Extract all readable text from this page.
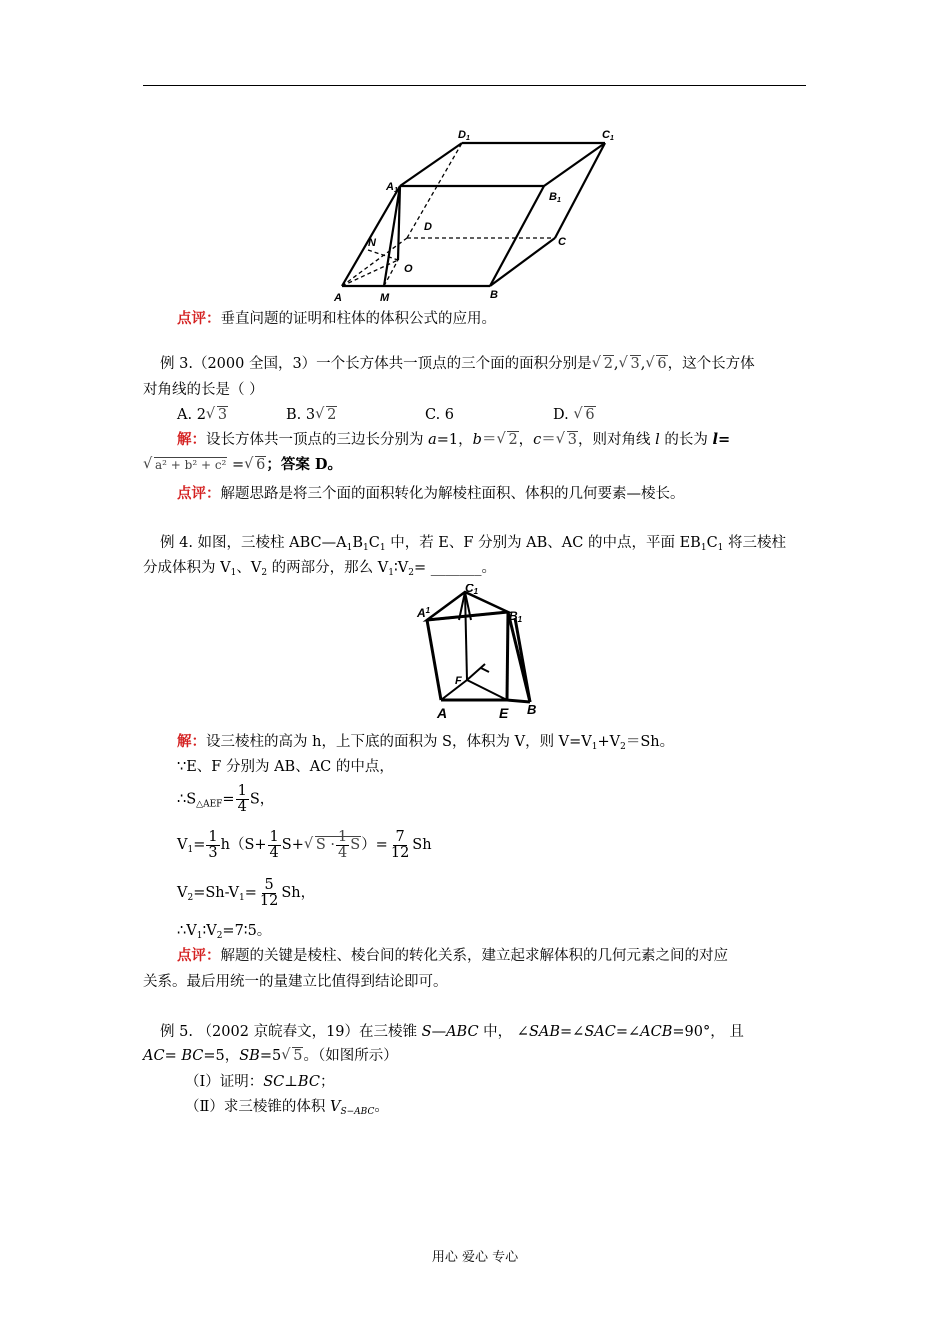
A	M	B
C
D
O
N
A1
B1
C1
D1
点评：垂直问题的证明和柱体的体积公式的应用。
例 3.（2000 全国，3）一个长方体共一顶点的三个面的面积分别是√ 2,√ 3,√ 6，这个长方体
对角线的长是（ ）
A. 2√ 3	B. 3√ 2	C. 6	D. √ 6
解：设长方体共一顶点的三边长分别为 a=1，b＝√ 2，c＝√ 3，则对角线 l 的长为 l=
√ a² + b² + c² =√ 6；答案 D。
点评：解题思路是将三个面的面积转化为解棱柱面积、体积的几何要素—棱长。
例 4. 如图，三棱柱 $ABC—A_1B_1C_1$ 中，若 E、F 分别为 AB、AC 的中点，平面 $EB_1C_1$ 将三棱柱
分成体积为 $V_1$、$V_2$ 的两部分，那么 $V_1∶V_2=$ _______。
$A^1$
C1
B1
F
A	E B
解：设三棱柱的高为 h，上下底的面积为 S，体积为 V，则 $V=V_1+V_2=Sh$。
∵E、F 分别为 AB、AC 的中点，
$\therefore S_{\triangle AEF}= \frac{1}{4}$ S，
$V_1= \frac{1}{3} h(S+ \frac{1}{4} S+√$ $S \cdot \frac{1}{4} S)= \frac{7}{12}$ Sh
$V_2=Sh-V_1= \frac{5}{12}$ Sh，
$\therefore V_1∶V_2=7∶5$。
点评：解题的关键是棱柱、棱台间的转化关系，建立起求解体积的几何元素之间的对应
关系。最后用统一的量建立比值得到结论即可。
例 5. （2002 京皖春文，19）在三棱锥 S—ABC 中， ∠SAB=∠SAC=∠ACB=90°， 且
AC= BC=5，SB=5√ 5。（如图所示）
（Ⅰ）证明：SC⊥BC；
（Ⅱ）求三棱锥的体积 $V_{S-ABC}$。
用心 爱心 专心
